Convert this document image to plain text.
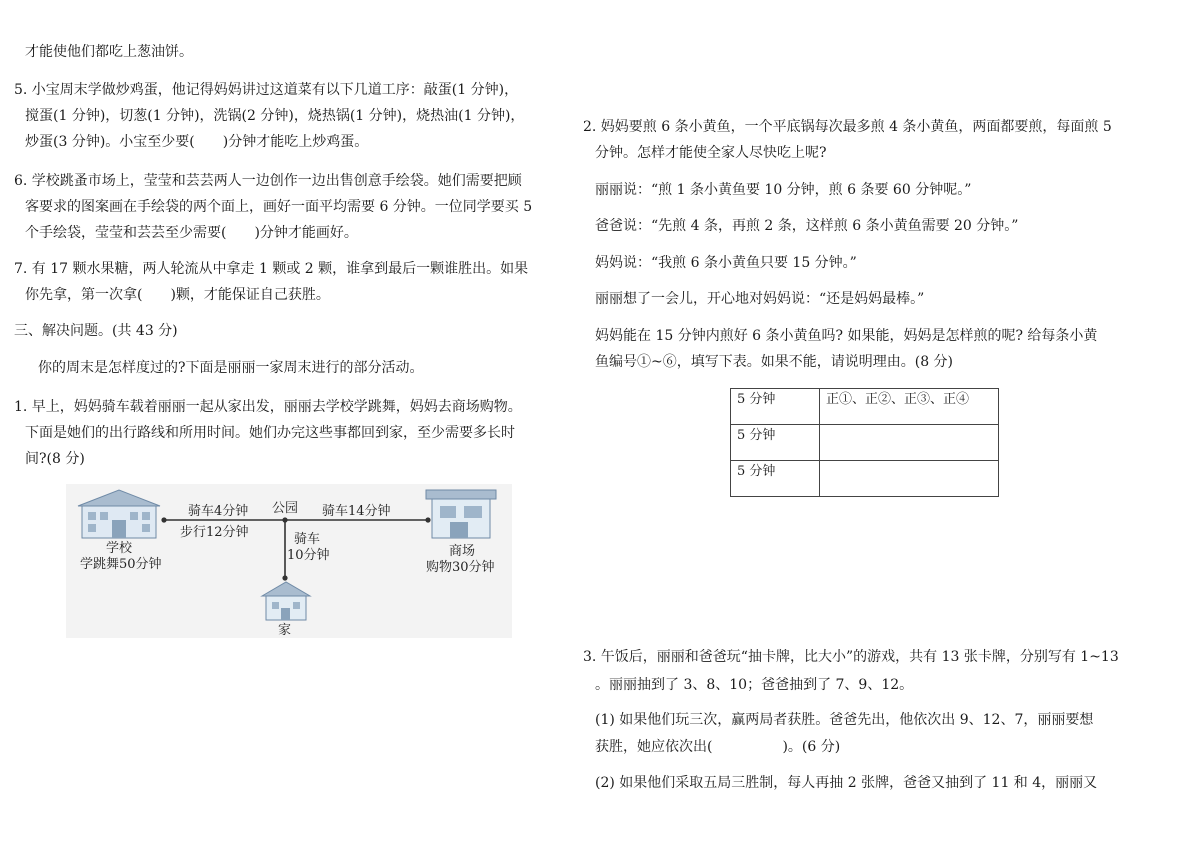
才能使他们都吃上葱油饼。
5. 小宝周末学做炒鸡蛋，他记得妈妈讲过这道菜有以下几道工序：敲蛋(1 分钟)，
搅蛋(1 分钟)，切葱(1 分钟)，洗锅(2 分钟)，烧热锅(1 分钟)，烧热油(1 分钟)，
炒蛋(3 分钟)。小宝至少要(　　)分钟才能吃上炒鸡蛋。
6. 学校跳蚤市场上，莹莹和芸芸两人一边创作一边出售创意手绘袋。她们需要把顾
客要求的图案画在手绘袋的两个面上，画好一面平均需要 6 分钟。一位同学要买 5
个手绘袋，莹莹和芸芸至少需要(　　)分钟才能画好。
7. 有 17 颗水果糖，两人轮流从中拿走 1 颗或 2 颗，谁拿到最后一颗谁胜出。如果
你先拿，第一次拿(　　)颗，才能保证自己获胜。
三、解决问题。(共 43 分)
你的周末是怎样度过的?下面是丽丽一家周末进行的部分活动。
1. 早上，妈妈骑车载着丽丽一起从家出发，丽丽去学校学跳舞，妈妈去商场购物。
下面是她们的出行路线和所用时间。她们办完这些事都回到家，至少需要多长时
间?(8 分)
学校
学跳舞50分钟
骑车4分钟
步行12分钟
公园 骑车14分钟
骑车
10分钟	商场
购物30分钟
家
2. 妈妈要煎 6 条小黄鱼，一个平底锅每次最多煎 4 条小黄鱼，两面都要煎，每面煎 5
分钟。怎样才能使全家人尽快吃上呢?
丽丽说：“煎 1 条小黄鱼要 10 分钟，煎 6 条要 60 分钟呢。”
爸爸说：“先煎 4 条，再煎 2 条，这样煎 6 条小黄鱼需要 20 分钟。”
妈妈说：“我煎 6 条小黄鱼只要 15 分钟。”
丽丽想了一会儿，开心地对妈妈说：“还是妈妈最棒。”
妈妈能在 15 分钟内煎好 6 条小黄鱼吗? 如果能，妈妈是怎样煎的呢? 给每条小黄
鱼编号①~⑥，填写下表。如果不能，请说明理由。(8 分)
5 分钟	正①、正②、正③、正④
5 分钟	
5 分钟	
3. 午饭后，丽丽和爸爸玩“抽卡牌，比大小”的游戏，共有 13 张卡牌，分别写有 1~13
。丽丽抽到了 3、8、10；爸爸抽到了 7、9、12。
(1) 如果他们玩三次，赢两局者获胜。爸爸先出，他依次出 9、12、7，丽丽要想
获胜，她应依次出(　　　　　)。(6 分)
(2) 如果他们采取五局三胜制，每人再抽 2 张牌，爸爸又抽到了 11 和 4，丽丽又
